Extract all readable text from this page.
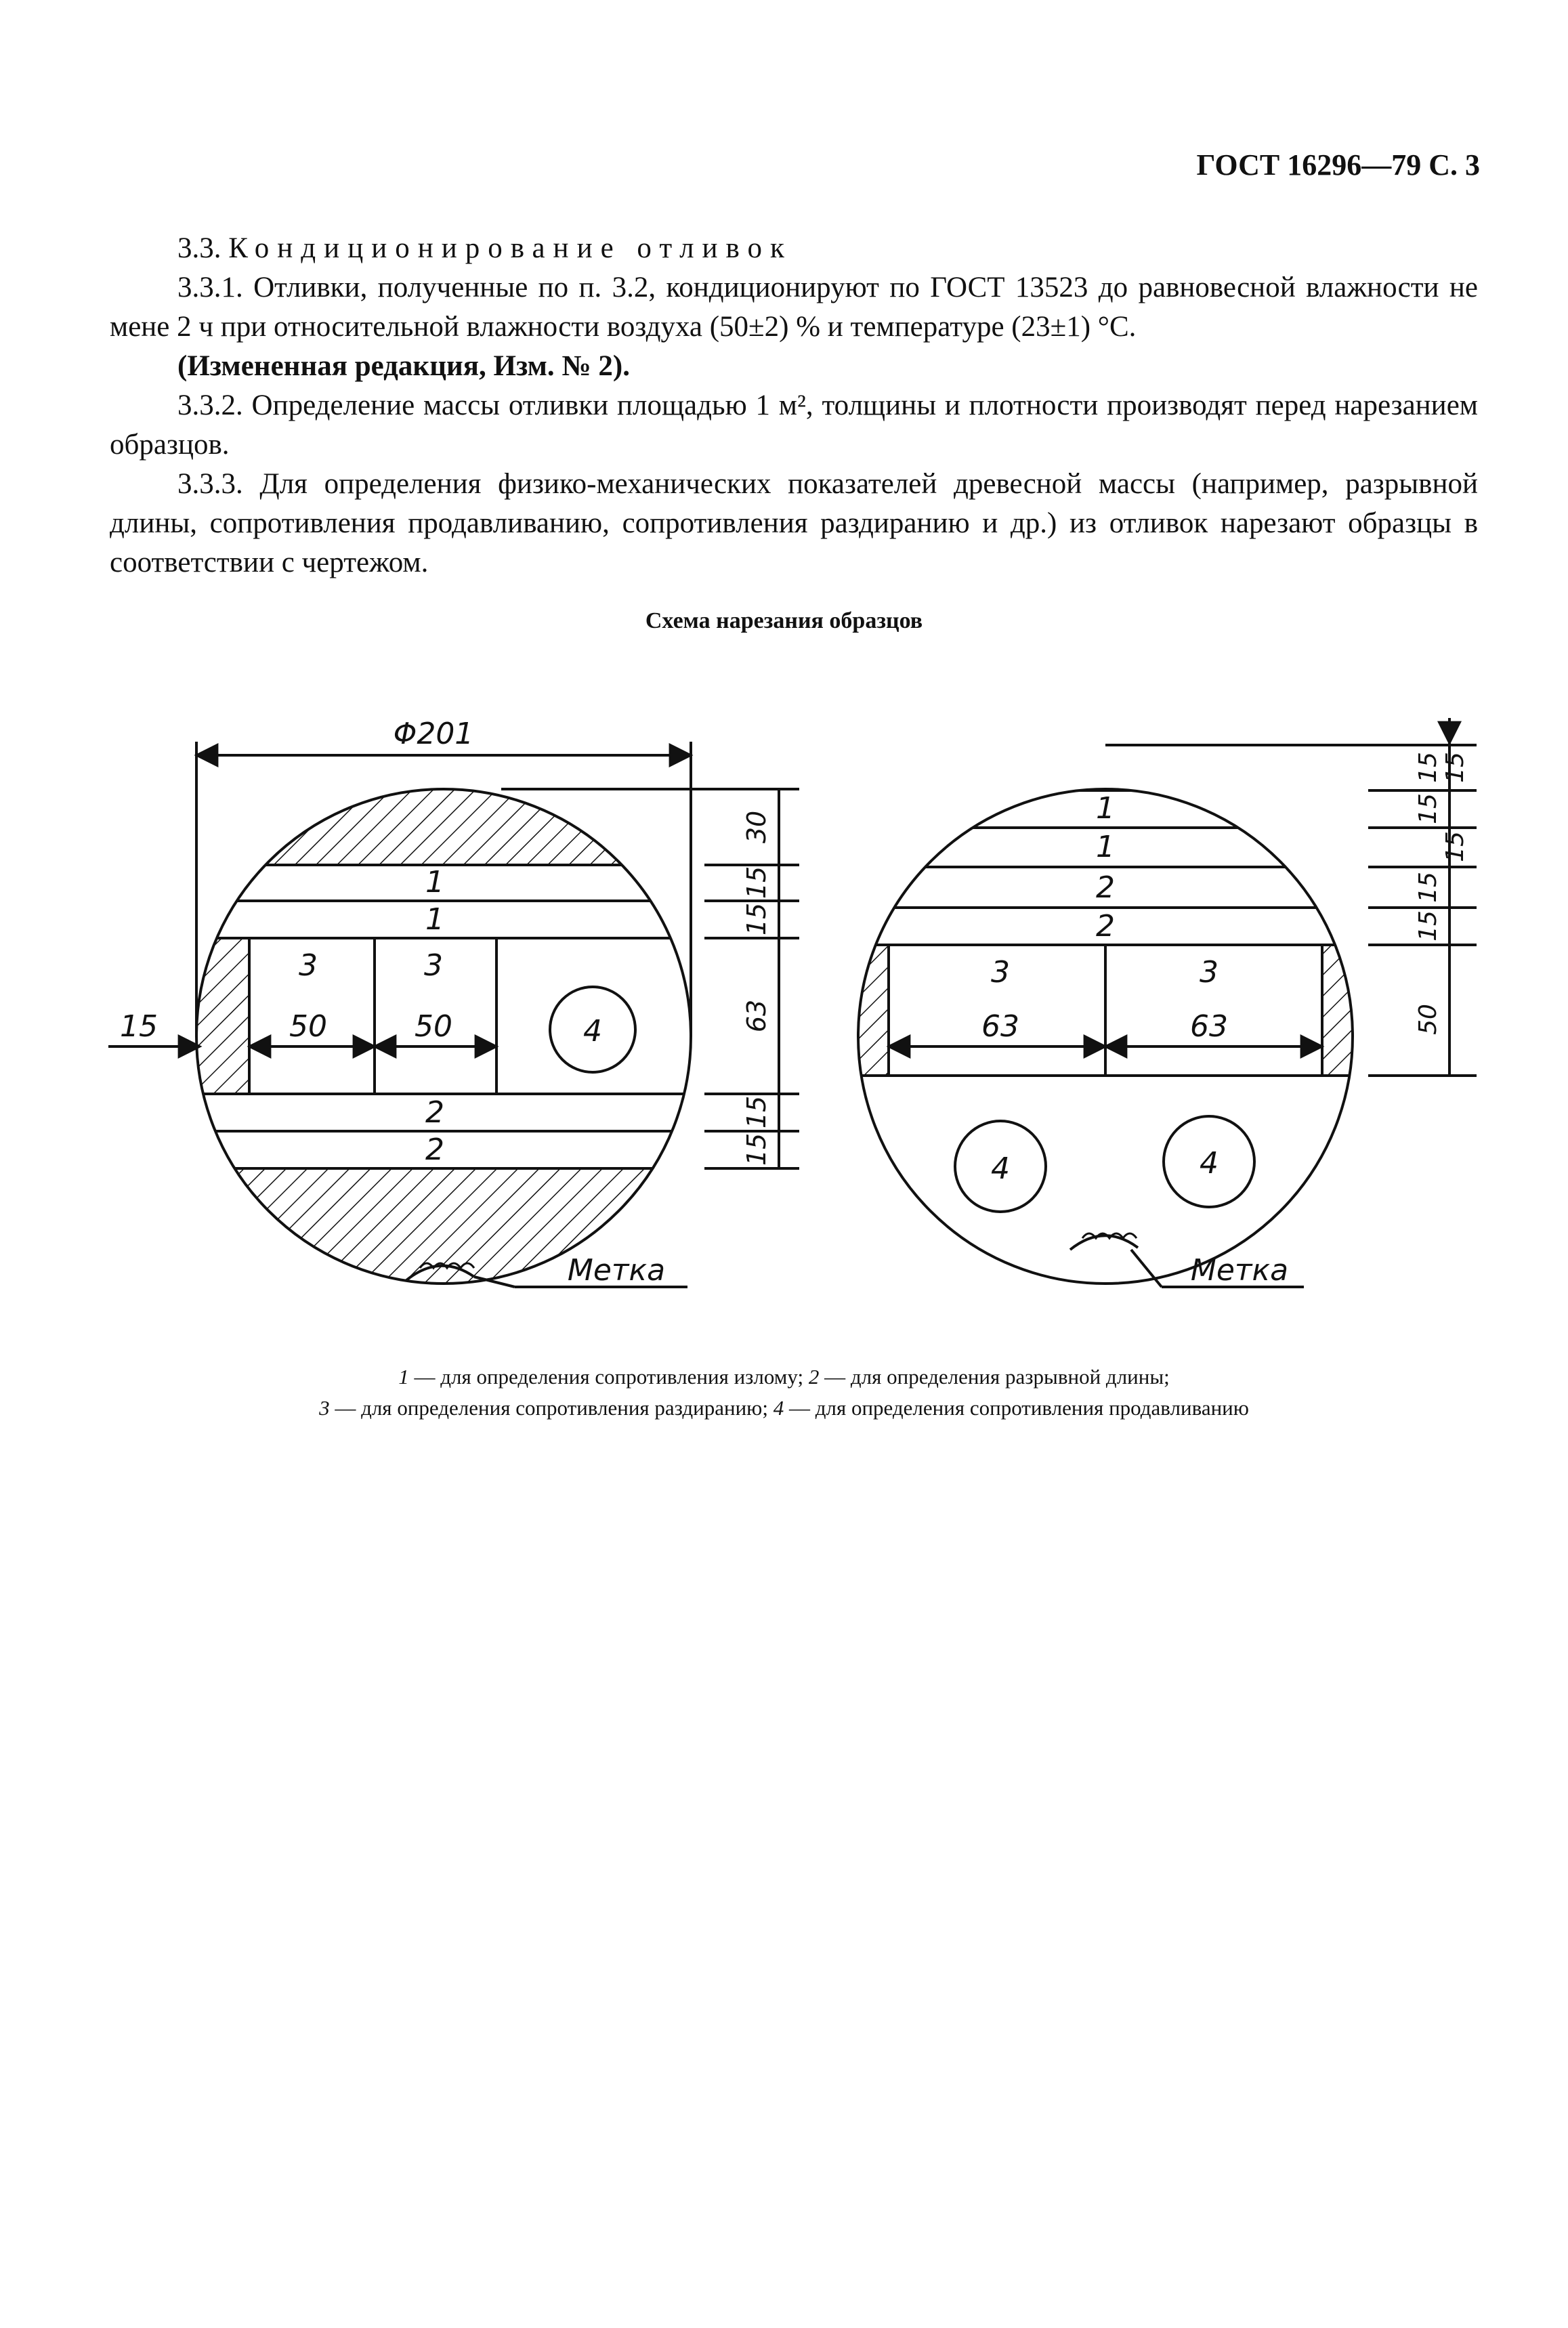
ГОСТ 16296—79 С. 3

3.3. Кондиционирование отливок

3.3.1. Отливки, полученные по п. 3.2, кондиционируют по ГОСТ 13523 до равновесной влажности не мене 2 ч при относительной влажности воздуха (50±2) % и температуре (23±1) °С.

(Измененная редакция, Изм. № 2).

3.3.2. Определение массы отливки площадью 1 м², толщины и плотности производят перед нарезанием образцов.

3.3.3. Для определения физико-механических показателей древесной массы (например, разрывной длины, сопротивления продавливанию, сопротивления раздиранию и др.) из отливок нарезают образцы в соответствии с чертежом.

Схема нарезания образцов
Φ201
1
1
2
2
3	3
50	50	4
15
Метка
30
15
15
63
15
15
1
1
2
2
3	3
63	63
4	4
Метка
15 15
15
15
15
15
50
1 — для определения сопротивления излому; 2 — для определения разрывной длины;
3 — для определения сопротивления раздиранию; 4 — для определения сопротивления продавливанию
